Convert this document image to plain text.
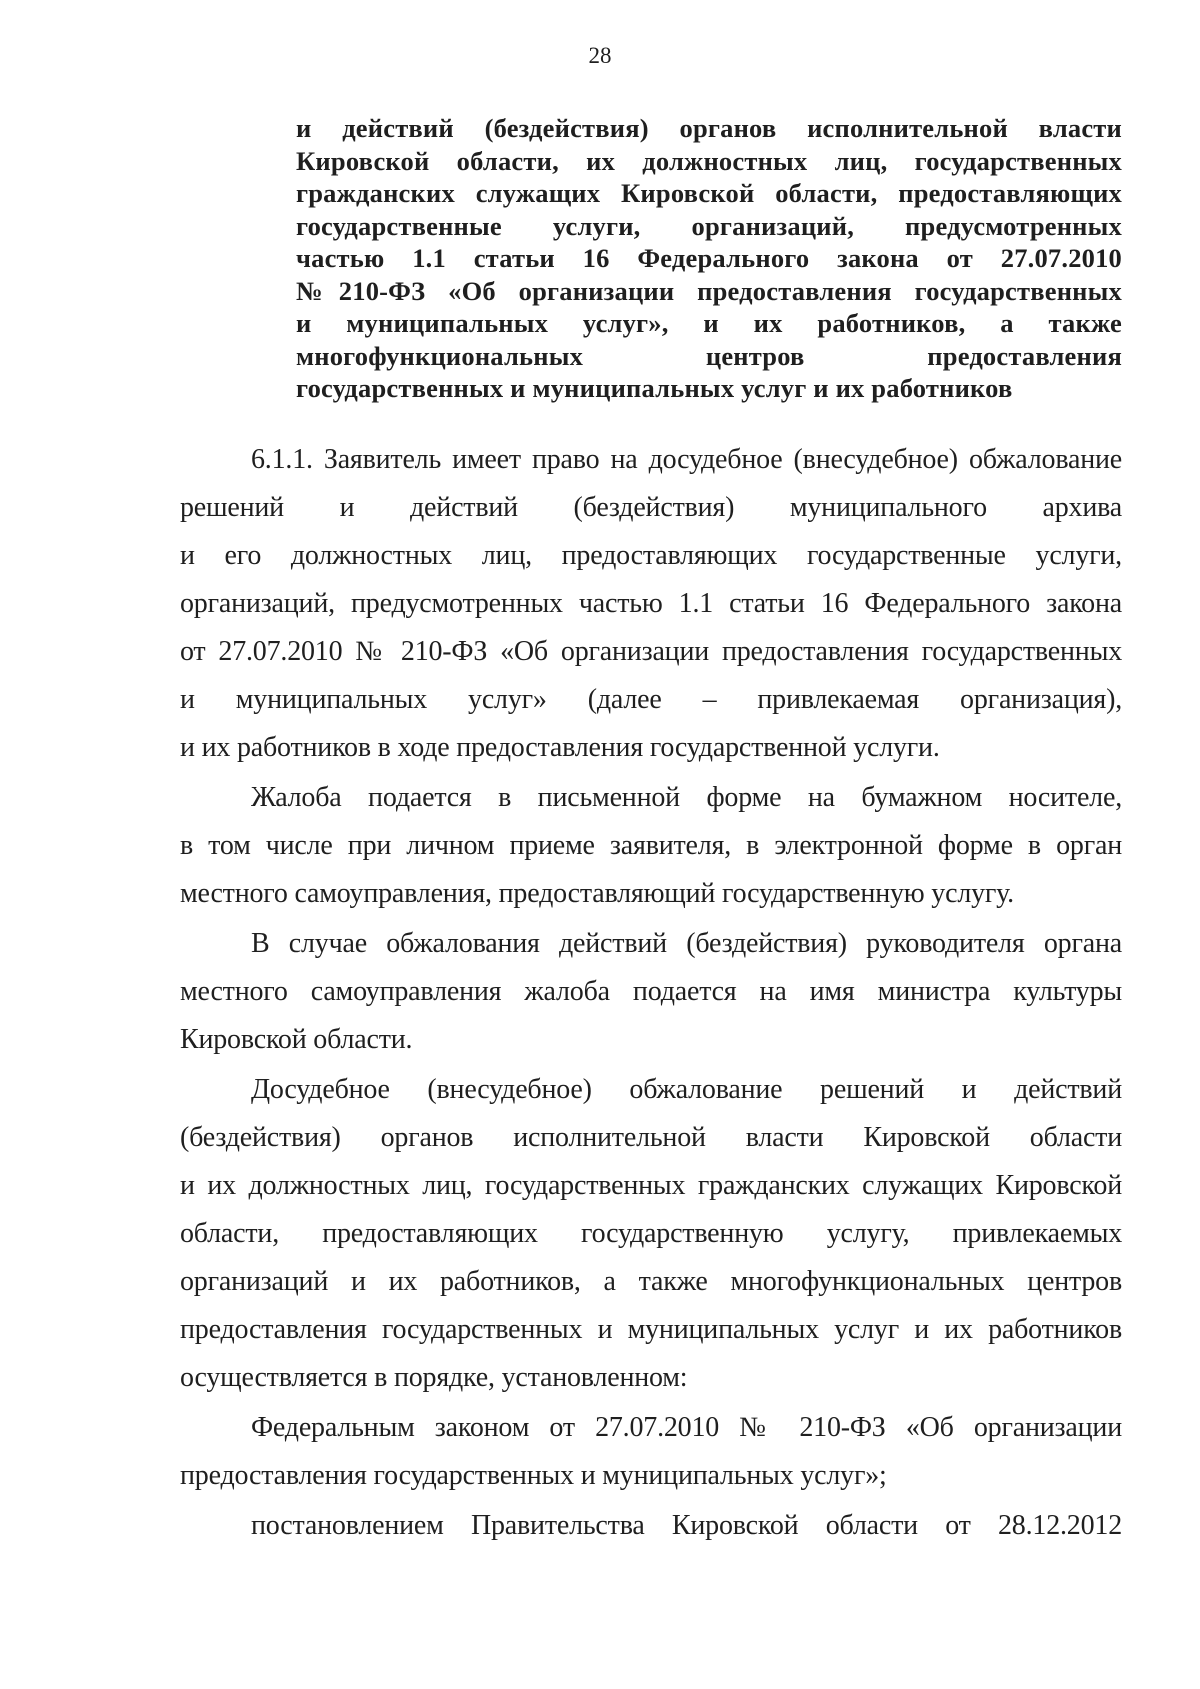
28
и действий (бездействия) органов исполнительной власти
Кировской области, их должностных лиц, государственных
гражданских служащих Кировской области, предоставляющих
государственные услуги, организаций, предусмотренных
частью 1.1 статьи 16 Федерального закона от 27.07.2010
№210-ФЗ «Об организации предоставления государственных
и муниципальных услуг», и их работников, а также
многофункциональных центров предоставления
государственных и муниципальных услуг и их работников
6.1.1. Заявитель имеет право на досудебное (внесудебное) обжалование
решений и действий (бездействия) муниципального архива
и его должностных лиц, предоставляющих государственные услуги,
организаций, предусмотренных частью 1.1 статьи 16 Федерального закона
от 27.07.2010 № 210-ФЗ «Об организации предоставления государственных
и муниципальных услуг» (далее – привлекаемая организация),
и их работников в ходе предоставления государственной услуги.
Жалоба подается в письменной форме на бумажном носителе,
в том числе при личном приеме заявителя, в электронной форме в орган
местного самоуправления, предоставляющий государственную услугу.
В случае обжалования действий (бездействия) руководителя органа
местного самоуправления жалоба подается на имя министра культуры
Кировской области.
Досудебное (внесудебное) обжалование решений и действий
(бездействия) органов исполнительной власти Кировской области
и их должностных лиц, государственных гражданских служащих Кировской
области, предоставляющих государственную услугу, привлекаемых
организаций и их работников, а также многофункциональных центров
предоставления государственных и муниципальных услуг и их работников
осуществляется в порядке, установленном:
Федеральным законом от 27.07.2010 № 210-ФЗ «Об организации
предоставления государственных и муниципальных услуг»;
постановлением Правительства Кировской области от 28.12.2012
